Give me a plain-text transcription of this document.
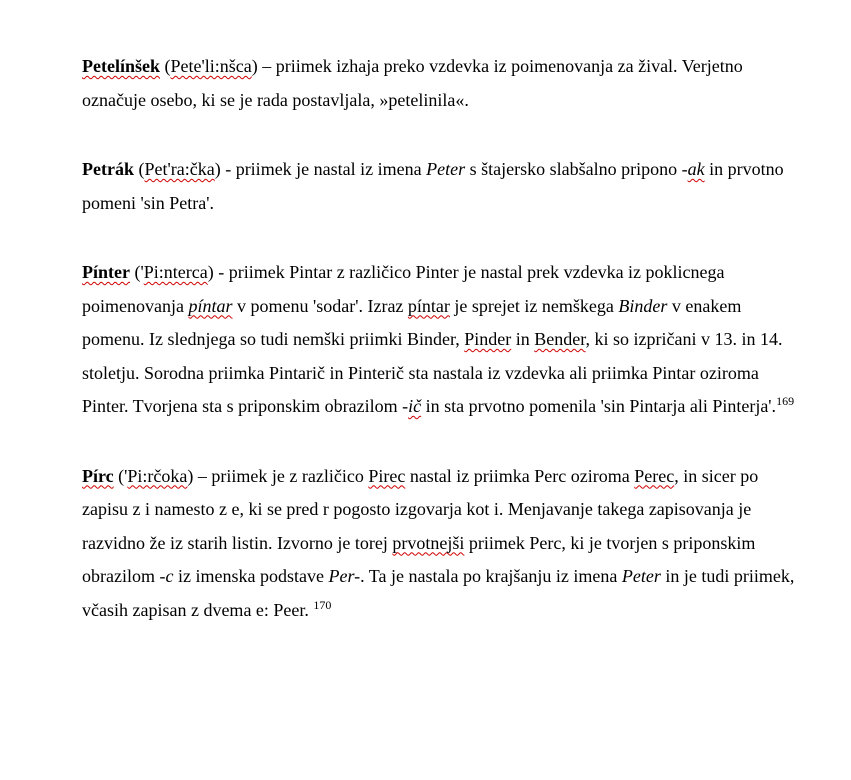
Petelínšek (Pete'li:nšca) – priimek izhaja preko vzdevka iz poimenovanja za žival. Verjetno označuje osebo, ki se je rada postavljala, »petelinila«.

Petrák (Pet'ra:čka) - priimek je nastal iz imena Peter s štajersko slabšalno pripono -ak in prvotno pomeni 'sin Petra'.

Pínter ('Pi:nterca) - priimek Pintar z različico Pinter je nastal prek vzdevka iz poklicnega poimenovanja píntar v pomenu 'sodar'. Izraz píntar je sprejet iz nemškega Binder v enakem pomenu. Iz slednjega so tudi nemški priimki Binder, Pinder in Bender, ki so izpričani v 13. in 14. stoletju. Sorodna priimka Pintarič in Pinterič sta nastala iz vzdevka ali priimka Pintar oziroma Pinter. Tvorjena sta s priponskim obrazilom -ič in sta prvotno pomenila 'sin Pintarja ali Pinterja'.$^{169}$

Pírc ('Pi:rčoka) – priimek je z različico Pirec nastal iz priimka Perc oziroma Perec, in sicer po zapisu z i namesto z e, ki se pred r pogosto izgovarja kot i. Menjavanje takega zapisovanja je razvidno že iz starih listin. Izvorno je torej prvotnejši priimek Perc, ki je tvorjen s priponskim obrazilom -c iz imenska podstave Per-. Ta je nastala po krajšanju iz imena Peter in je tudi priimek, včasih zapisan z dvema e: Peer. $^{170}$
